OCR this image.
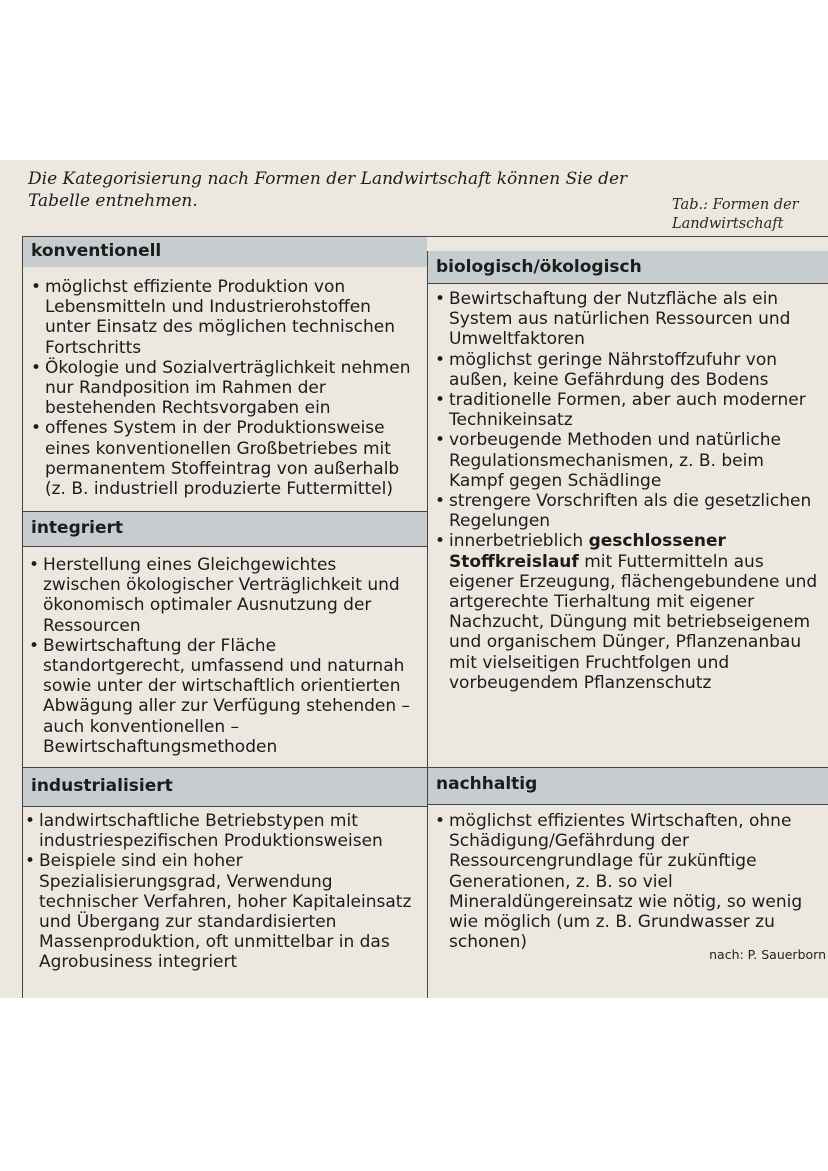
Die Kategorisierung nach Formen der Landwirtschaft können Sie der Tabelle entnehmen.	Tab.: Formen der
Landwirtschaft
konventionell
• möglichst effiziente Produktion von Lebensmitteln und Industrierohstoffen unter Einsatz des möglichen technischen Fortschritts
• Ökologie und Sozialverträglichkeit nehmen nur Randposition im Rahmen der bestehenden Rechtsvorgaben ein
• offenes System in der Produktionsweise eines konventionellen Großbetriebes mit permanentem Stoffeintrag von außerhalb (z. B. industriell produzierte Futtermittel)
biologisch/ökologisch
• Bewirtschaftung der Nutzfläche als ein System aus natürlichen Ressourcen und Umweltfaktoren
• möglichst geringe Nährstoffzufuhr von außen, keine Gefährdung des Bodens
• traditionelle Formen, aber auch moderner Technikeinsatz
• vorbeugende Methoden und natürliche Regulationsmechanismen, z. B. beim Kampf gegen Schädlinge
• strengere Vorschriften als die gesetzlichen Regelungen
• innerbetrieblich geschlossener Stoffkreislauf mit Futtermitteln aus eigener Erzeugung, flächengebundene und artgerechte Tierhaltung mit eigener Nachzucht, Düngung mit betriebseigenem und organischem Dünger, Pflanzenanbau mit vielseitigen Fruchtfolgen und vorbeugendem Pflanzenschutz
integriert
• Herstellung eines Gleichgewichtes zwischen ökologischer Verträglichkeit und ökonomisch optimaler Ausnutzung der Ressourcen
• Bewirtschaftung der Fläche standortgerecht, umfassend und naturnah sowie unter der wirtschaftlich orientierten Abwägung aller zur Verfügung stehenden – auch konventionellen – Bewirtschaftungsmethoden
industrialisiert	nachhaltig
• landwirtschaftliche Betriebstypen mit industriespezifischen Produktionsweisen
• Beispiele sind ein hoher Spezialisierungsgrad, Verwendung technischer Verfahren, hoher Kapitaleinsatz und Übergang zur standardisierten Massenproduktion, oft unmittelbar in das Agrobusiness integriert
• möglichst effizientes Wirtschaften, ohne Schädigung/Gefährdung der Ressourcengrundlage für zukünftige Generationen, z. B. so viel Mineraldüngereinsatz wie nötig, so wenig wie möglich (um z. B. Grundwasser zu schonen)
nach: P. Sauerborn
